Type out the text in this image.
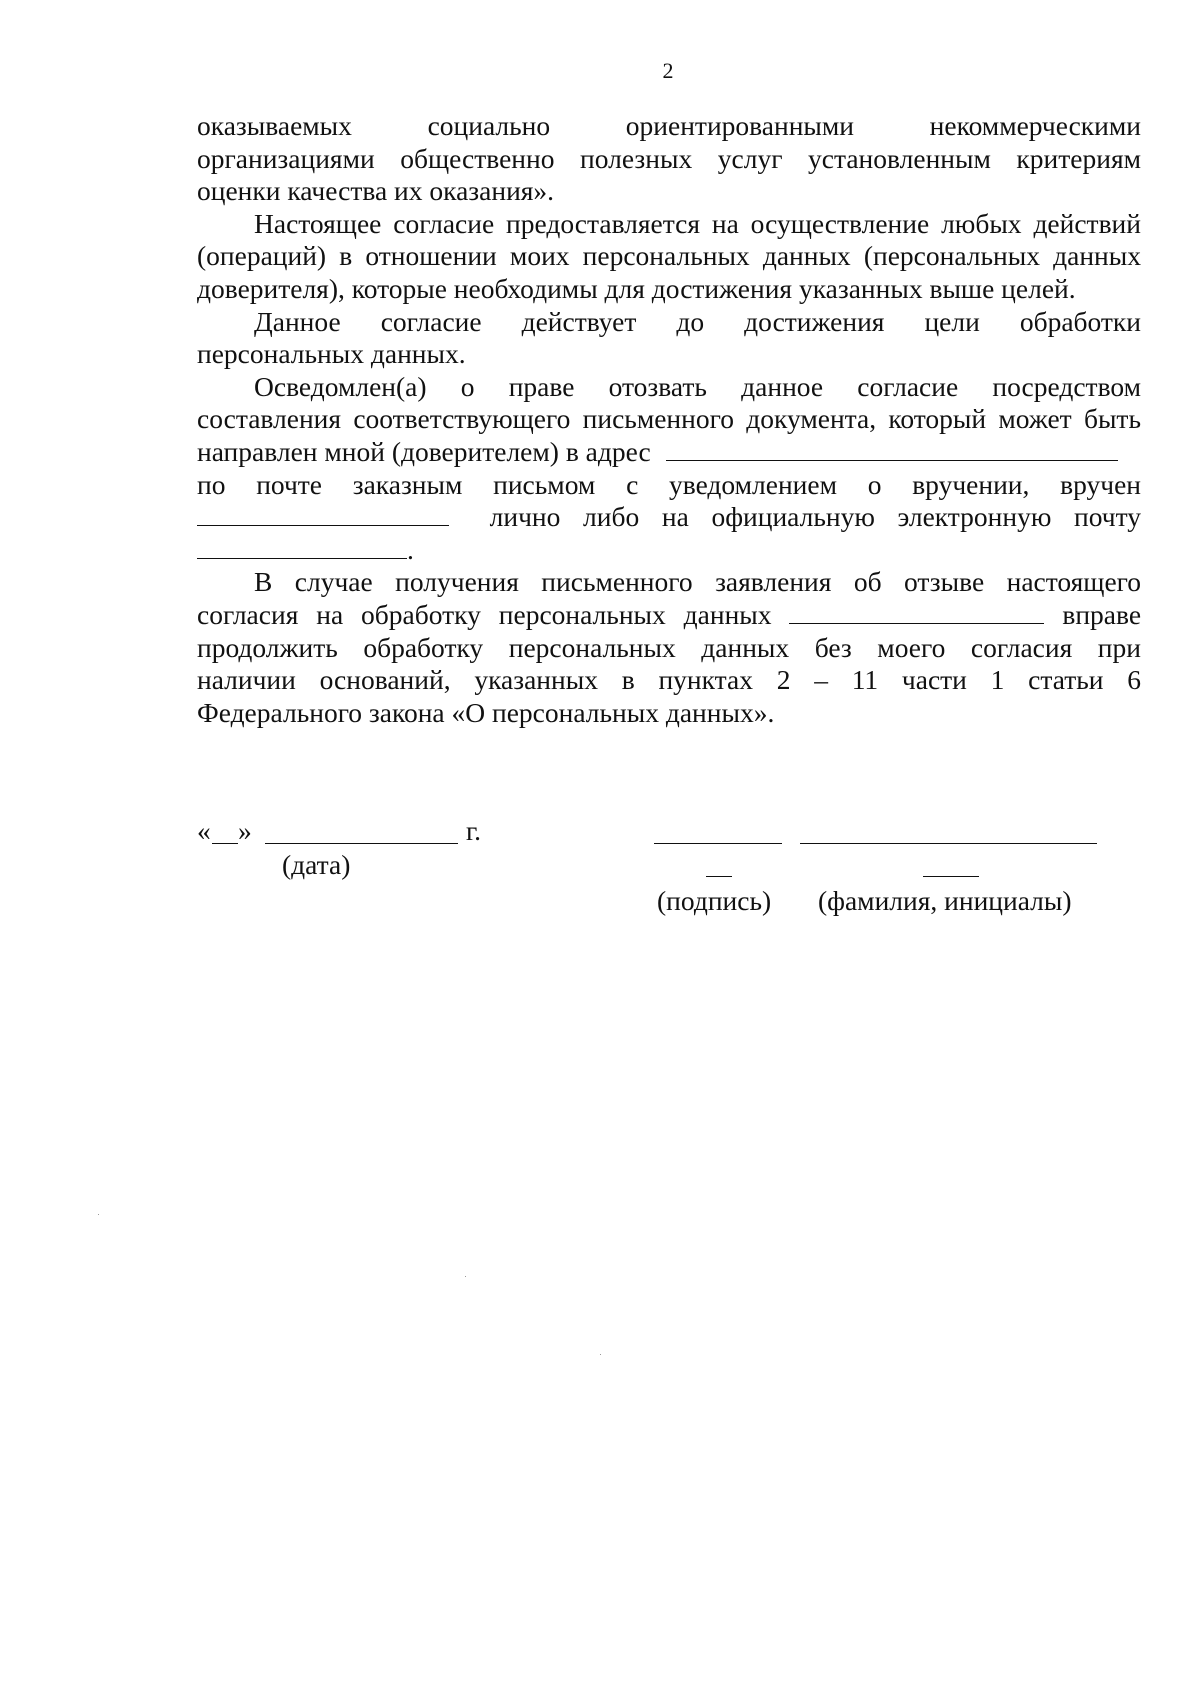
2
оказываемых социально ориентированными некоммерческими
организациями общественно полезных услуг установленным критериям
оценки качества их оказания».
Настоящее согласие предоставляется на осуществление любых действий
(операций) в отношении моих персональных данных (персональных данных
доверителя), которые необходимы для достижения указанных выше целей.
Данное согласие действует до достижения цели обработки
персональных данных.
Осведомлен(а) о праве отозвать данное согласие посредством
составления соответствующего письменного документа, который может быть
направлен мной (доверителем) в адрес
по почте заказным письмом с уведомлением о вручении, вручен
лично либо на официальную электронную почту
.
В случае получения письменного заявления об отзыве настоящего
согласия на обработку персональных данных	вправе
продолжить обработку персональных данных без моего согласия при
наличии оснований, указанных в пунктах 2 – 11 части 1 статьи 6
Федерального закона «О персональных данных».
« »	г.
(дата)
(подпись) (фамилия, инициалы)
